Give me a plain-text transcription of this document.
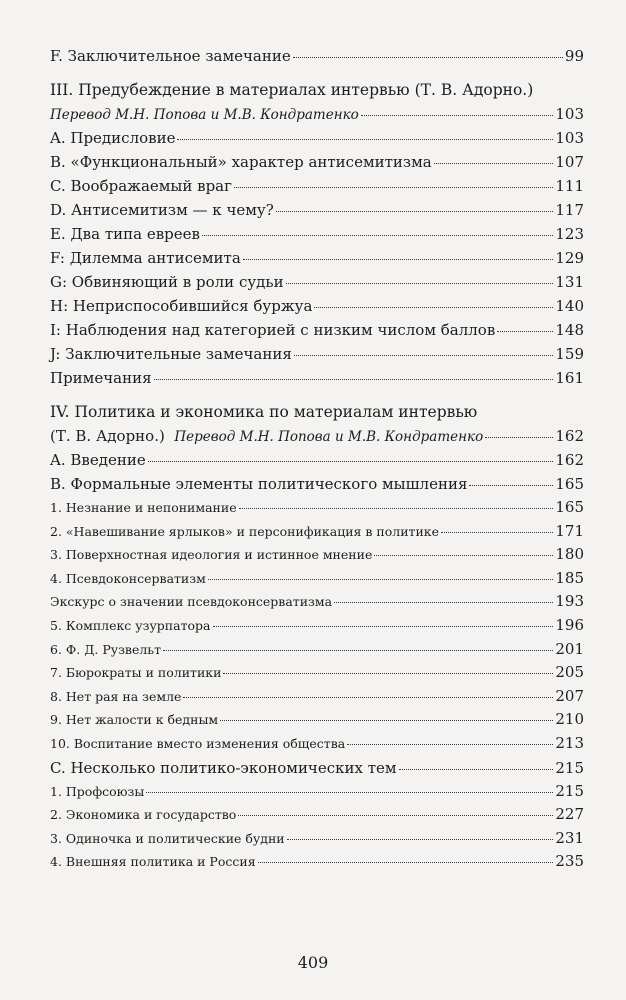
F. Заключительное замечание	99
III. Предубеждение в материалах интервью (Т. В. Адорно.)
Перевод М.Н. Попова и М.В. Кондратенко	103
A. Предисловие	103
B. «Функциональный» характер антисемитизма	107
C. Воображаемый враг	111
D. Антисемитизм — к чему?	117
E. Два типа евреев	123
F: Дилемма антисемита	129
G: Обвиняющий в роли судьи	131
H: Неприспособившийся буржуа	140
I: Наблюдения над категорией с низким числом баллов	148
J: Заключительные замечания	159
Примечания	161
IV. Политика и экономика по материалам интервью
(Т. В. Адорно.) Перевод М.Н. Попова и М.В. Кондратенко	162
A. Введение	162
B. Формальные элементы политического мышления	165
1. Незнание и непонимание	165
2. «Навешивание ярлыков» и персонификация в политике	171
3. Поверхностная идеология и истинное мнение	180
4. Псевдоконсерватизм	185
Экскурс о значении псевдоконсерватизма	193
5. Комплекс узурпатора	196
6. Ф. Д. Рузвельт	201
7. Бюрократы и политики	205
8. Нет рая на земле	207
9. Нет жалости к бедным	210
10. Воспитание вместо изменения общества	213
C. Несколько политико-экономических тем	215
1. Профсоюзы	215
2. Экономика и государство	227
3. Одиночка и политические будни	231
4. Внешняя политика и Россия	235
409
